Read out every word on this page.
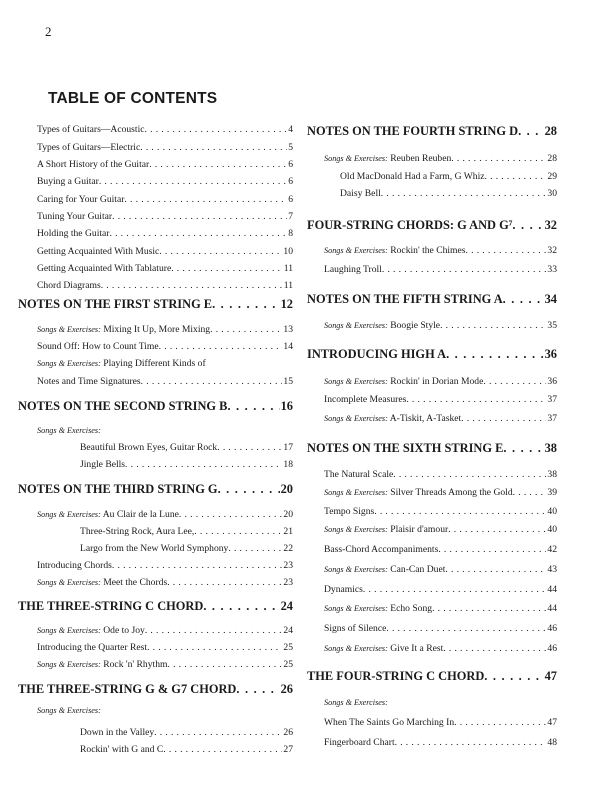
2
TABLE OF CONTENTS
Types of Guitars—Acoustic . . .	4
Types of Guitars—Electric . . .	5
A Short History of the Guitar . . .	6
Buying a Guitar . . .	6
Caring for Your Guitar . . .	6
Tuning Your Guitar . . .	7
Holding the Guitar . . .	8
Getting Acquainted With Music . . .	10
Getting Acquainted With Tablature . . .	11
Chord Diagrams . . .	11
NOTES ON THE FIRST STRING E . . .	12
Songs & Exercises: Mixing It Up, More Mixing . . .	13
Sound Off: How to Count Time . . .	14
Songs & Exercises: Playing Different Kinds of
Notes and Time Signatures . . .	15
NOTES ON THE SECOND STRING B . . .	16
Songs & Exercises:
Beautiful Brown Eyes, Guitar Rock . . .	17
Jingle Bells . . .	18
NOTES ON THE THIRD STRING G . . .	20
Songs & Exercises: Au Clair de la Lune . . .	20
Three-String Rock, Aura Lee, . . .	21
Largo from the New World Symphony . . .	22
Introducing Chords . . .	23
Songs & Exercises: Meet the Chords . . .	23
THE THREE-STRING C CHORD . . .	24
Songs & Exercises: Ode to Joy . . .	24
Introducing the Quarter Rest . . .	25
Songs & Exercises: Rock 'n' Rhythm . . .	25
THE THREE-STRING G & G7 CHORD . . .	26
Songs & Exercises:
Down in the Valley . . .	26
Rockin' with G and C . . .	27
NOTES ON THE FOURTH STRING D . . . 28
Songs & Exercises: Reuben Reuben . . .	28
Old MacDonald Had a Farm, G Whiz . . .	29
Daisy Bell . . .	30
FOUR-STRING CHORDS: G AND G⁷ . . .	32
Songs & Exercises: Rockin' the Chimes . . .	32
Laughing Troll . . .	33
NOTES ON THE FIFTH STRING A . . .	34
Songs & Exercises: Boogie Style . . .	35
INTRODUCING HIGH A . . .	36
Songs & Exercises: Rockin' in Dorian Mode . . .	36
Incomplete Measures . . .	37
Songs & Exercises: A-Tiskit, A-Tasket . . .	37
NOTES ON THE SIXTH STRING E . . .	38
The Natural Scale . . .	38
Songs & Exercises: Silver Threads Among the Gold . . .	39
Tempo Signs . . .	40
Songs & Exercises: Plaisir d'amour . . .	40
Bass-Chord Accompaniments . . .	42
Songs & Exercises: Can-Can Duet . . .	43
Dynamics . . .	44
Songs & Exercises: Echo Song . . .	44
Signs of Silence . . .	46
Songs & Exercises: Give It a Rest . . .	46
THE FOUR-STRING C CHORD . . .	47
Songs & Exercises:
When The Saints Go Marching In . . .	47
Fingerboard Chart . . .	48
